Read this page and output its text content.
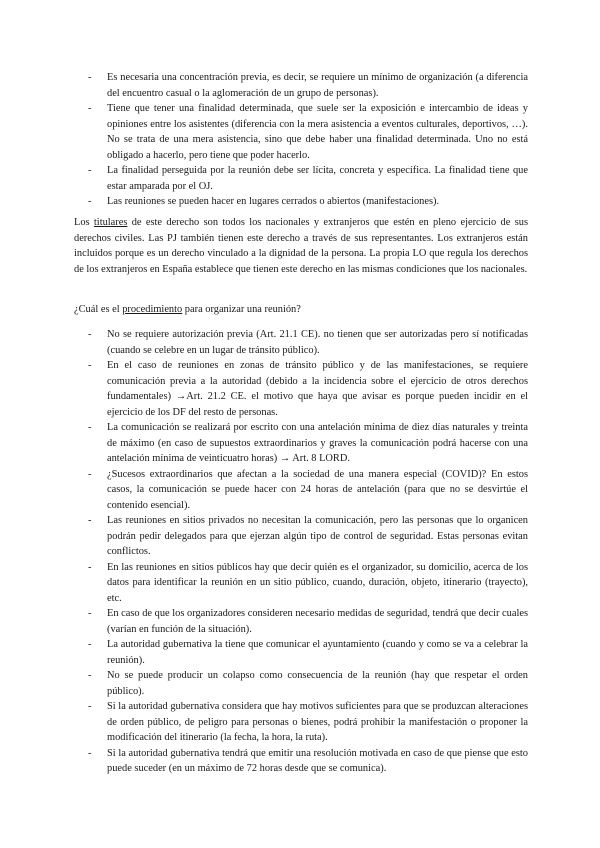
- Es necesaria una concentración previa, es decir, se requiere un mínimo de organización (a diferencia del encuentro casual o la aglomeración de un grupo de personas).
- Tiene que tener una finalidad determinada, que suele ser la exposición e intercambio de ideas y opiniones entre los asistentes (diferencia con la mera asistencia a eventos culturales, deportivos, …). No se trata de una mera asistencia, sino que debe haber una finalidad determinada. Uno no está obligado a hacerlo, pero tiene que poder hacerlo.
- La finalidad perseguida por la reunión debe ser lícita, concreta y específica. La finalidad tiene que estar amparada por el OJ.
- Las reuniones se pueden hacer en lugares cerrados o abiertos (manifestaciones).

Los titulares de este derecho son todos los nacionales y extranjeros que estén en pleno ejercicio de sus derechos civiles. Las PJ también tienen este derecho a través de sus representantes. Los extranjeros están incluidos porque es un derecho vinculado a la dignidad de la persona. La propia LO que regula los derechos de los extranjeros en España establece que tienen este derecho en las mismas condiciones que los nacionales.

¿Cuál es el procedimiento para organizar una reunión?

- No se requiere autorización previa (Art. 21.1 CE). no tienen que ser autorizadas pero sí notificadas (cuando se celebre en un lugar de tránsito público).
- En el caso de reuniones en zonas de tránsito público y de las manifestaciones, se requiere comunicación previa a la autoridad (debido a la incidencia sobre el ejercicio de otros derechos fundamentales) →Art. 21.2 CE. el motivo que haya que avisar es porque pueden incidir en el ejercicio de los DF del resto de personas.
- La comunicación se realizará por escrito con una antelación mínima de diez días naturales y treinta de máximo (en caso de supuestos extraordinarios y graves la comunicación podrá hacerse con una antelación mínima de veinticuatro horas) → Art. 8 LORD.
- ¿Sucesos extraordinarios que afectan a la sociedad de una manera especial (COVID)? En estos casos, la comunicación se puede hacer con 24 horas de antelación (para que no se desvirtúe el contenido esencial).
- Las reuniones en sitios privados no necesitan la comunicación, pero las personas que lo organicen podrán pedir delegados para que ejerzan algún tipo de control de seguridad. Estas personas evitan conflictos.
- En las reuniones en sitios públicos hay que decir quién es el organizador, su domicilio, acerca de los datos para identificar la reunión en un sitio público, cuando, duración, objeto, itinerario (trayecto), etc.
- En caso de que los organizadores consideren necesario medidas de seguridad, tendrá que decir cuales (varían en función de la situación).
- La autoridad gubernativa la tiene que comunicar el ayuntamiento (cuando y como se va a celebrar la reunión).
- No se puede producir un colapso como consecuencia de la reunión (hay que respetar el orden público).
- Si la autoridad gubernativa considera que hay motivos suficientes para que se produzcan alteraciones de orden público, de peligro para personas o bienes, podrá prohibir la manifestación o proponer la modificación del itinerario (la fecha, la hora, la ruta).
- Si la autoridad gubernativa tendrá que emitir una resolución motivada en caso de que piense que esto puede suceder (en un máximo de 72 horas desde que se comunica).
